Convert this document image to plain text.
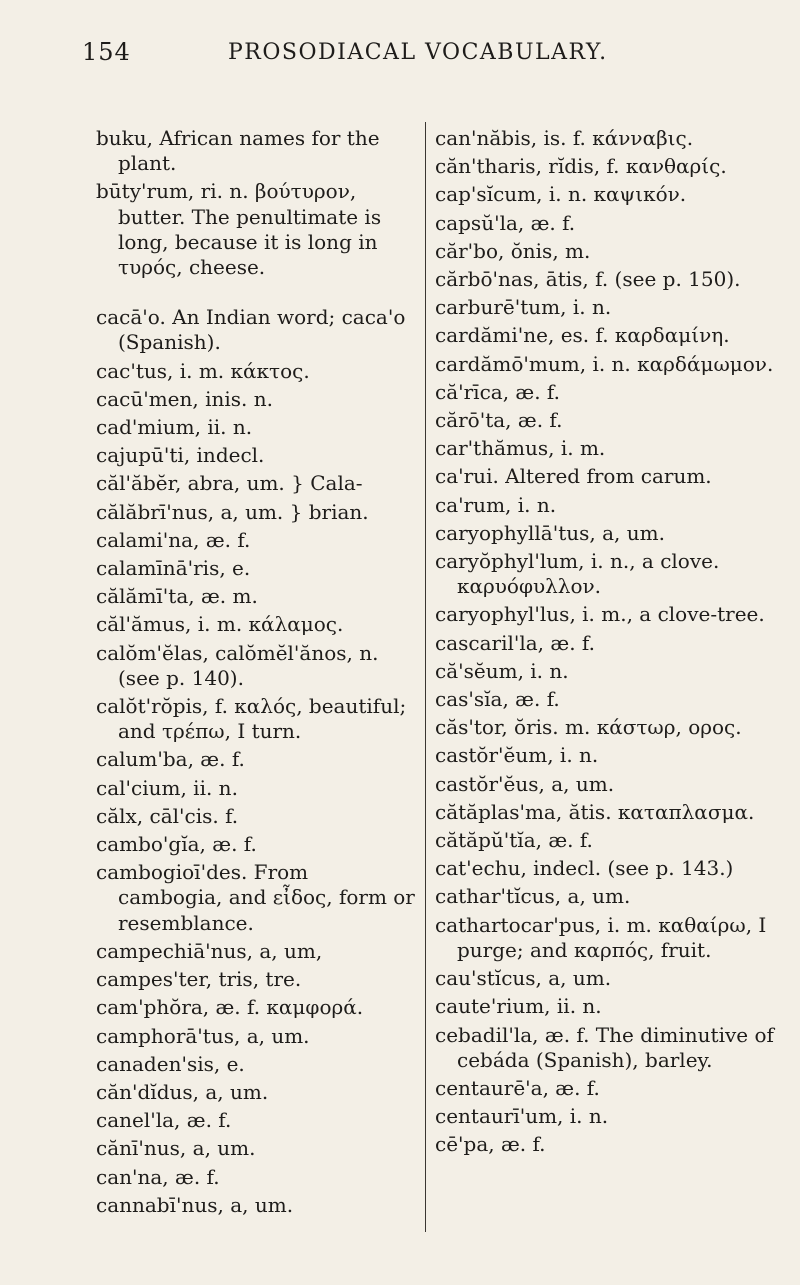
154	PROSODIACAL VOCABULARY.
buku, African names for the plant.
būty'rum, ri. n. βούτυρον, butter. The penultimate is long, because it is long in τυρός, cheese.
cacā'o. An Indian word; caca'o (Spanish).
cac'tus, i. m. κάκτος.
cacū'men, inis. n.
cad'mium, ii. n.
cajupū'ti, indecl.
căl'ăbĕr, abra, um. } Cala-
călăbrī'nus, a, um. } brian.
calami'na, æ. f.
calamīnā'ris, e.
călămī'ta, æ. m.
căl'ămus, i. m. κάλαμος.
calŏm'ĕlas, calŏmĕl'ănos, n. (see p. 140).
calŏt'rŏpis, f. καλός, beautiful; and τρέπω, I turn.
calum'ba, æ. f.
cal'cium, ii. n.
călx, cāl'cis. f.
cambo'gĭa, æ. f.
cambogioī'des. From cambogia, and εἶδος, form or resemblance.
campechiā'nus, a, um,
campes'ter, tris, tre.
cam'phŏra, æ. f. καμφορά.
camphorā'tus, a, um.
canaden'sis, e.
căn'dĭdus, a, um.
canel'la, æ. f.
cănī'nus, a, um.
can'na, æ. f.
cannabī'nus, a, um.
can'năbis, is. f. κάνναβις.
căn'tharis, rĭdis, f. κανθαρίς.
cap'sĭcum, i. n. καψικόν.
capsŭ'la, æ. f.
căr'bo, ŏnis, m.
cărbō'nas, ātis, f. (see p. 150).
carburē'tum, i. n.
cardămi'ne, es. f. καρδαμίνη.
cardămō'mum, i. n. καρδάμωμον.
că'rīca, æ. f.
cărō'ta, æ. f.
car'thămus, i. m.
ca'rui. Altered from carum.
ca'rum, i. n.
caryophyllā'tus, a, um.
caryŏphyl'lum, i. n., a clove. καρυόφυλλον.
caryophyl'lus, i. m., a clove-tree.
cascaril'la, æ. f.
că'sĕum, i. n.
cas'sĭa, æ. f.
căs'tor, ŏris. m. κάστωρ, ορος.
castŏr'ĕum, i. n.
castŏr'ĕus, a, um.
cătăplas'ma, ătis. καταπλασμα.
cătăpŭ'tĭa, æ. f.
cat'echu, indecl. (see p. 143.)
cathar'tĭcus, a, um.
cathartocar'pus, i. m. καθαίρω, I purge; and καρπός, fruit.
cau'stĭcus, a, um.
caute'rium, ii. n.
cebadil'la, æ. f. The diminutive of cebáda (Spanish), barley.
centaurē'a, æ. f.
centaurī'um, i. n.
cē'pa, æ. f.
